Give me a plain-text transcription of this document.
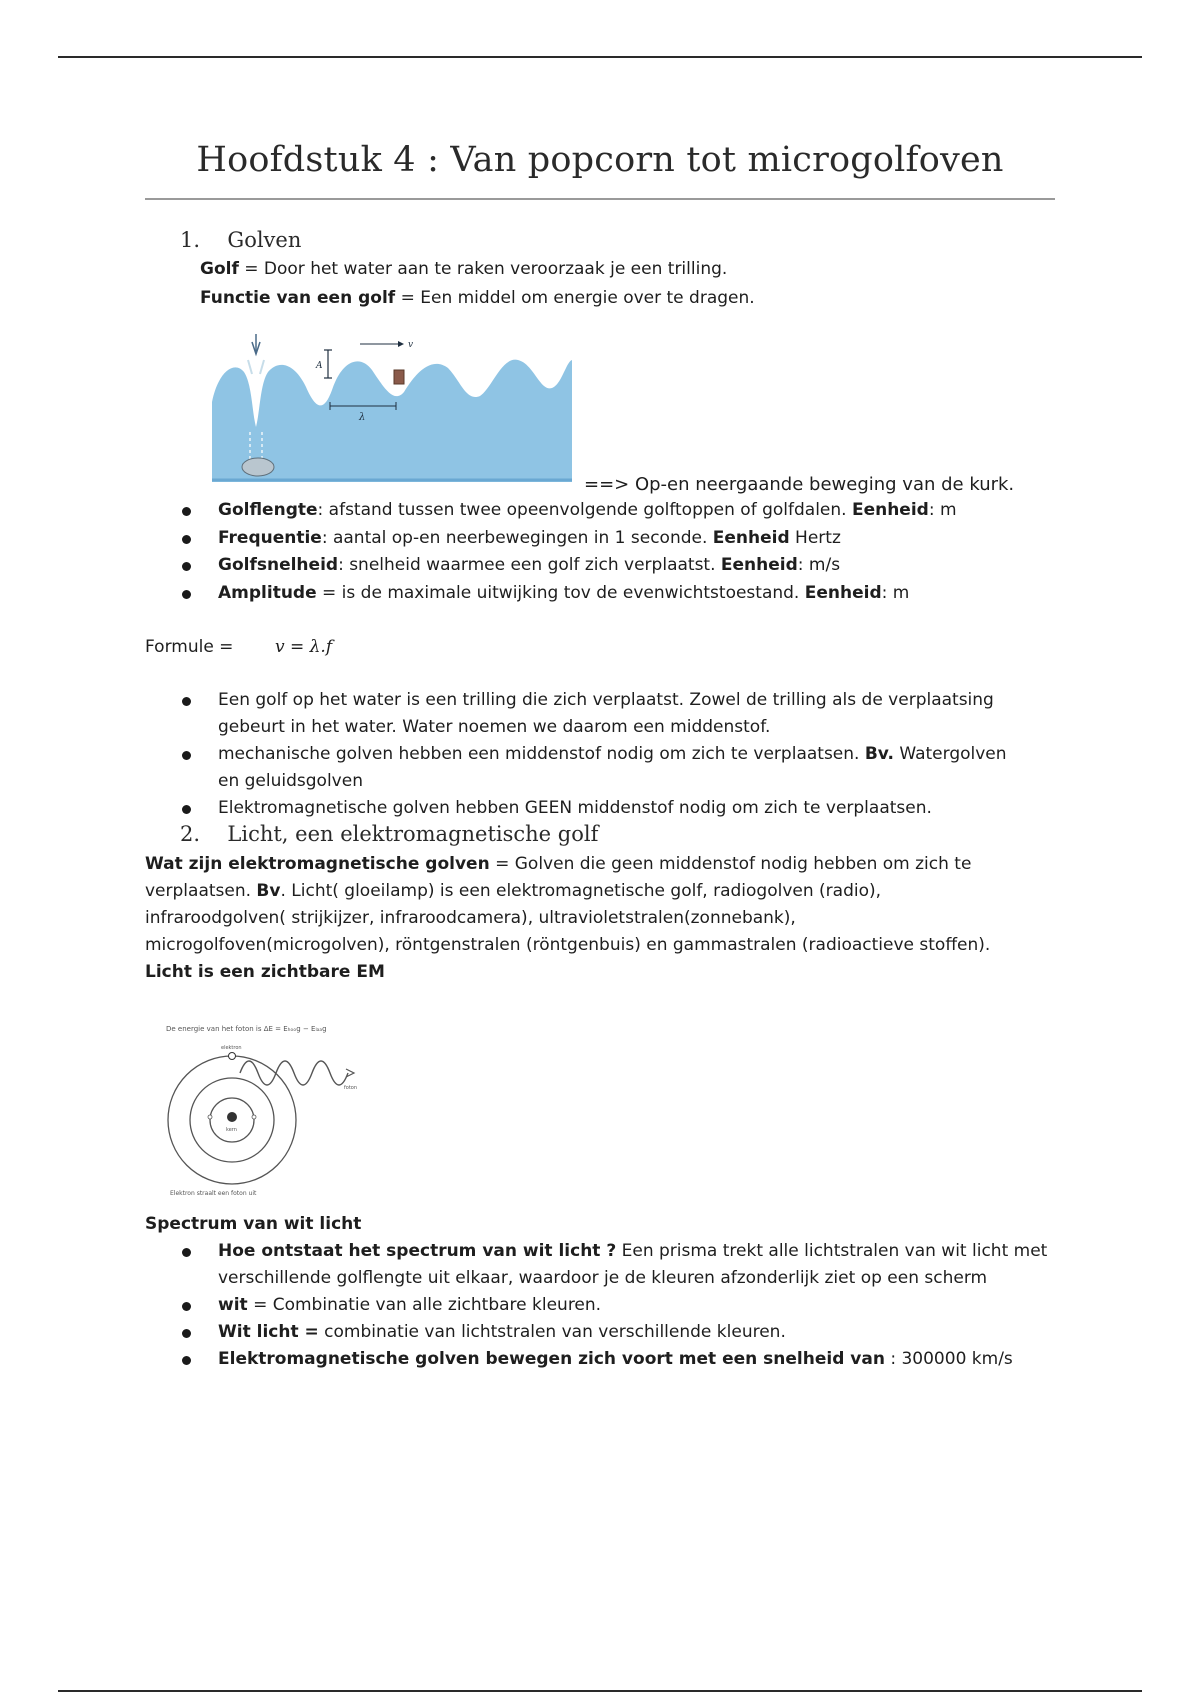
Hoofdstuk 4 : Van popcorn tot microgolfoven
1. Golven
Golf = Door het water aan te raken veroorzaak je een trilling.
Functie van een golf = Een middel om energie over te dragen.
A
v
λ
==> Op-en neergaande beweging van de kurk.
Golflengte: afstand tussen twee opeenvolgende golftoppen of golfdalen. Eenheid: m
Frequentie: aantal op-en neerbewegingen in 1 seconde. Eenheid Hertz
Golfsnelheid: snelheid waarmee een golf zich verplaatst. Eenheid: m/s
Amplitude = is de maximale uitwijking tov de evenwichtstoestand. Eenheid: m
Formule = v = λ.f
Een golf op het water is een trilling die zich verplaatst. Zowel de trilling als de verplaatsing
gebeurt in het water. Water noemen we daarom een middenstof.
mechanische golven hebben een middenstof nodig om zich te verplaatsen. Bv. Watergolven
en geluidsgolven
Elektromagnetische golven hebben GEEN middenstof nodig om zich te verplaatsen.
2. Licht, een elektromagnetische golf
Wat zijn elektromagnetische golven = Golven die geen middenstof nodig hebben om zich te
verplaatsen. Bv. Licht( gloeilamp) is een elektromagnetische golf, radiogolven (radio),
infraroodgolven( strijkijzer, infraroodcamera), ultravioletstralen(zonnebank),
microgolfoven(microgolven), röntgenstralen (röntgenbuis) en gammastralen (radioactieve stoffen).
Licht is een zichtbare EM
De energie van het foton is ΔE = Eₕₒₒg − Eₗₐₐg
kern
elektron
foton
Elektron straalt een foton uit
Spectrum van wit licht
Hoe ontstaat het spectrum van wit licht ? Een prisma trekt alle lichtstralen van wit licht met
verschillende golflengte uit elkaar, waardoor je de kleuren afzonderlijk ziet op een scherm
wit = Combinatie van alle zichtbare kleuren.
Wit licht = combinatie van lichtstralen van verschillende kleuren.
Elektromagnetische golven bewegen zich voort met een snelheid van : 300000 km/s
